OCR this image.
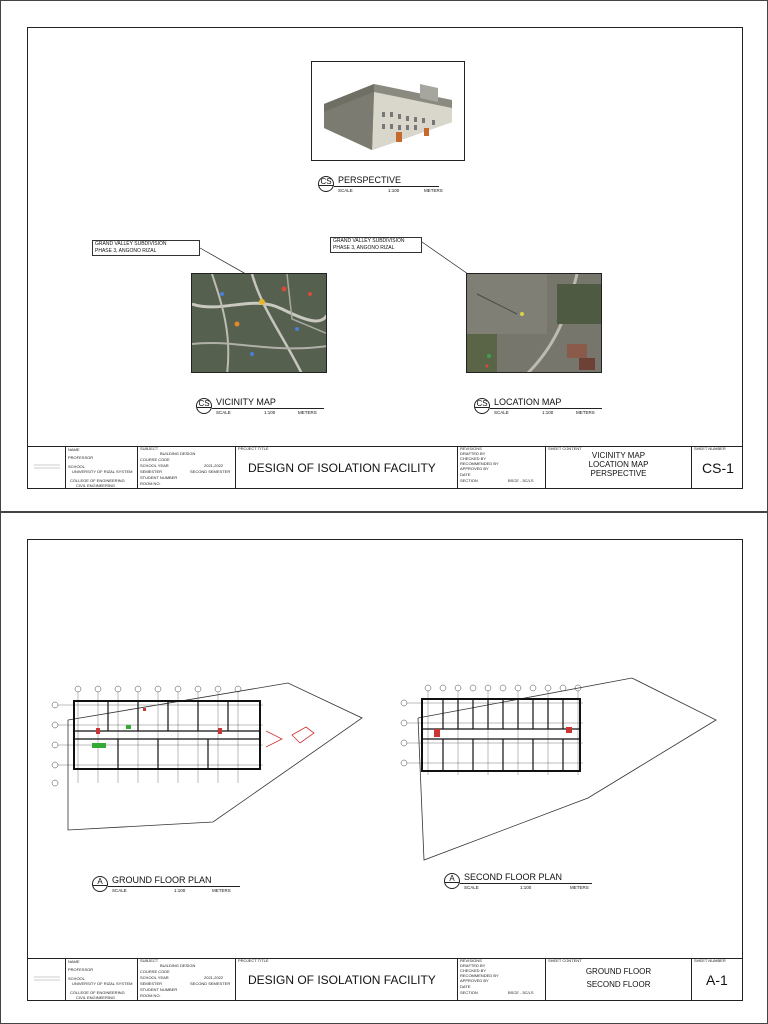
CS PERSPECTIVE
SCALE	1:100	METERS
GRAND VALLEY SUBDIVISION
PHASE 3, ANGONO RIZAL
GRAND VALLEY SUBDIVISION
PHASE 3, ANGONO RIZAL
CS VICINITY MAP
SCALE	1:100	METERS
CS LOCATION MAP
SCALE	1:100	METERS
NAME
PROFESSOR
SCHOOL
UNIVERSITY OF RIZAL SYSTEM
COLLEGE OF ENGINEERING
CIVIL ENGINEERING
SUBJECT
BUILDING DESIGN
COURSE CODE
SCHOOL YEAR	2021-2022
SEMESTER	SECOND SEMESTER
STUDENT NUMBER
ROOM NO.
PROJECT TITLE
DESIGN OF ISOLATION FACILITY
REVISIONS
DRAFTED BY
CHECKED BY
RECOMMENDED BY
APPROVED BY
DATE
SECTION	BSCE - 5C/LS
SHEET CONTENT
VICINITY MAP
LOCATION MAP
PERSPECTIVE
SHEET NUMBER
CS-1
A	GROUND FLOOR PLAN
SCALE	1:100	METERS
A	SECOND FLOOR PLAN
SCALE	1:100	METERS
NAME
PROFESSOR
SCHOOL
UNIVERSITY OF RIZAL SYSTEM
COLLEGE OF ENGINEERING
CIVIL ENGINEERING
SUBJECT
BUILDING DESIGN
COURSE CODE
SCHOOL YEAR	2021-2022
SEMESTER	SECOND SEMESTER
STUDENT NUMBER
ROOM NO.
PROJECT TITLE
DESIGN OF ISOLATION FACILITY
REVISIONS
DRAFTED BY
CHECKED BY
RECOMMENDED BY
APPROVED BY
DATE
SECTION	BSCE - 5C/LS
SHEET CONTENT
GROUND FLOOR
SECOND FLOOR
SHEET NUMBER
A-1
